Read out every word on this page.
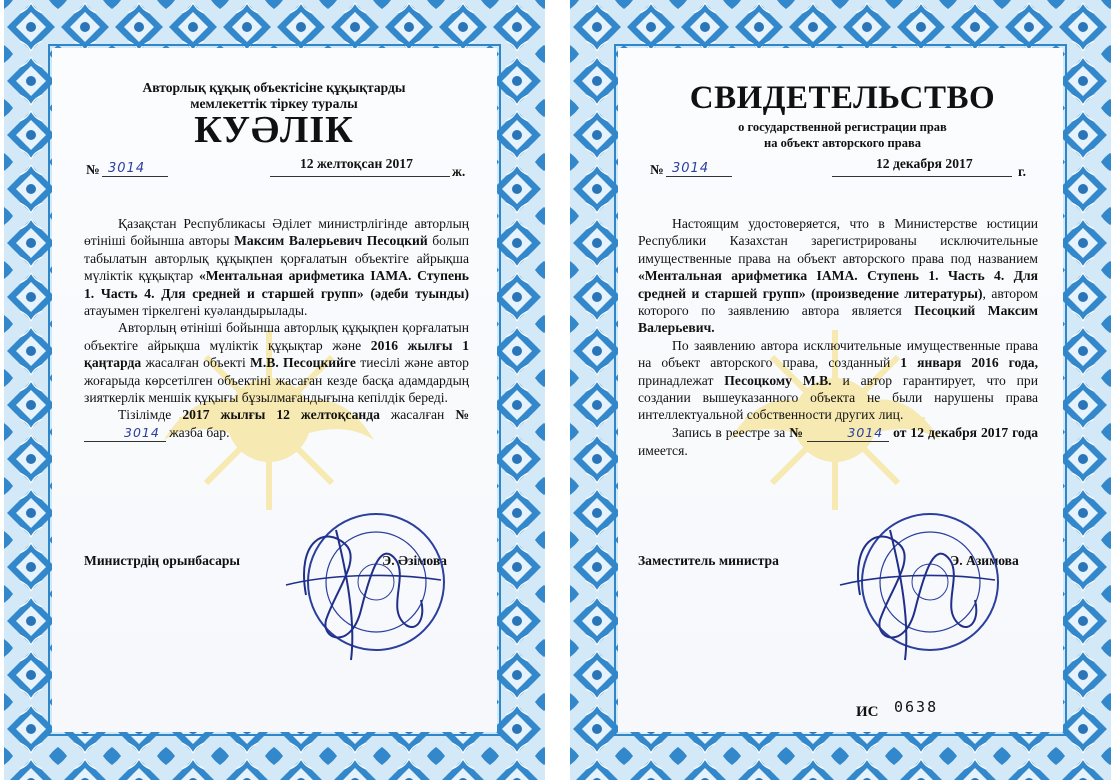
Авторлық құқық объектісіне құқықтарды
мемлекеттік тіркеу туралы
КУӘЛІК
№ 3014	12 желтоқсан 2017
ж.

Қазақстан Республикасы Әділет министрлігінде авторлың өтініші бойынша авторы Максим Валерьевич Песоцкий болып табылатын авторлық құқықпен қорғалатын объектіге айрықша мүліктік құқықтар «Ментальная арифметика IAMA. Ступень 1. Часть 4. Для средней и старшей групп» (әдеби туынды) атауымен тіркелгені куәландырылады.

Авторлың өтініші бойынша авторлық құқықпен қорғалатын объектіге айрықша мүліктік құқықтар жәнe 2016 жылғы 1 қаңтарда жасалған объекті М.В. Песоцкийге тиесілі және автор жоғарыда көрсетілген объектіні жасаған кезде басқа адамдардың зияткерлік меншік құқығы бұзылмағандығына кепілдік береді.

Тізілімде 2017 жылғы 12 желтоқсанда жасалған №3014 жазба бар.

Министрдің орынбасары	Э. Әзімова
СВИДЕТЕЛЬСТВО
о государственной регистрации прав
на объект авторского права
№ 3014	12 декабря 2017
г.

Настоящим удостоверяется, что в Министерстве юстиции Республики Казахстан зарегистрированы исключительные имущественные права на объект авторского права под названием «Ментальная арифметика IAMA. Ступень 1. Часть 4. Для средней и старшей групп» (произведение литературы), автором которого по заявлению автора является Песоцкий Максим Валерьевич.

По заявлению автора исключительные имущественные права на объект авторского права, созданный 1 января 2016 года, принадлежат Песоцкому М.В. и автор гарантирует, что при создании вышеуказанного объекта не были нарушены права интеллектуальной собственности других лиц.

Запись в реестре за №	3014 от 12 декабря 2017 года имеется.

Заместитель министра	Э. Азимова
ИС 0638
